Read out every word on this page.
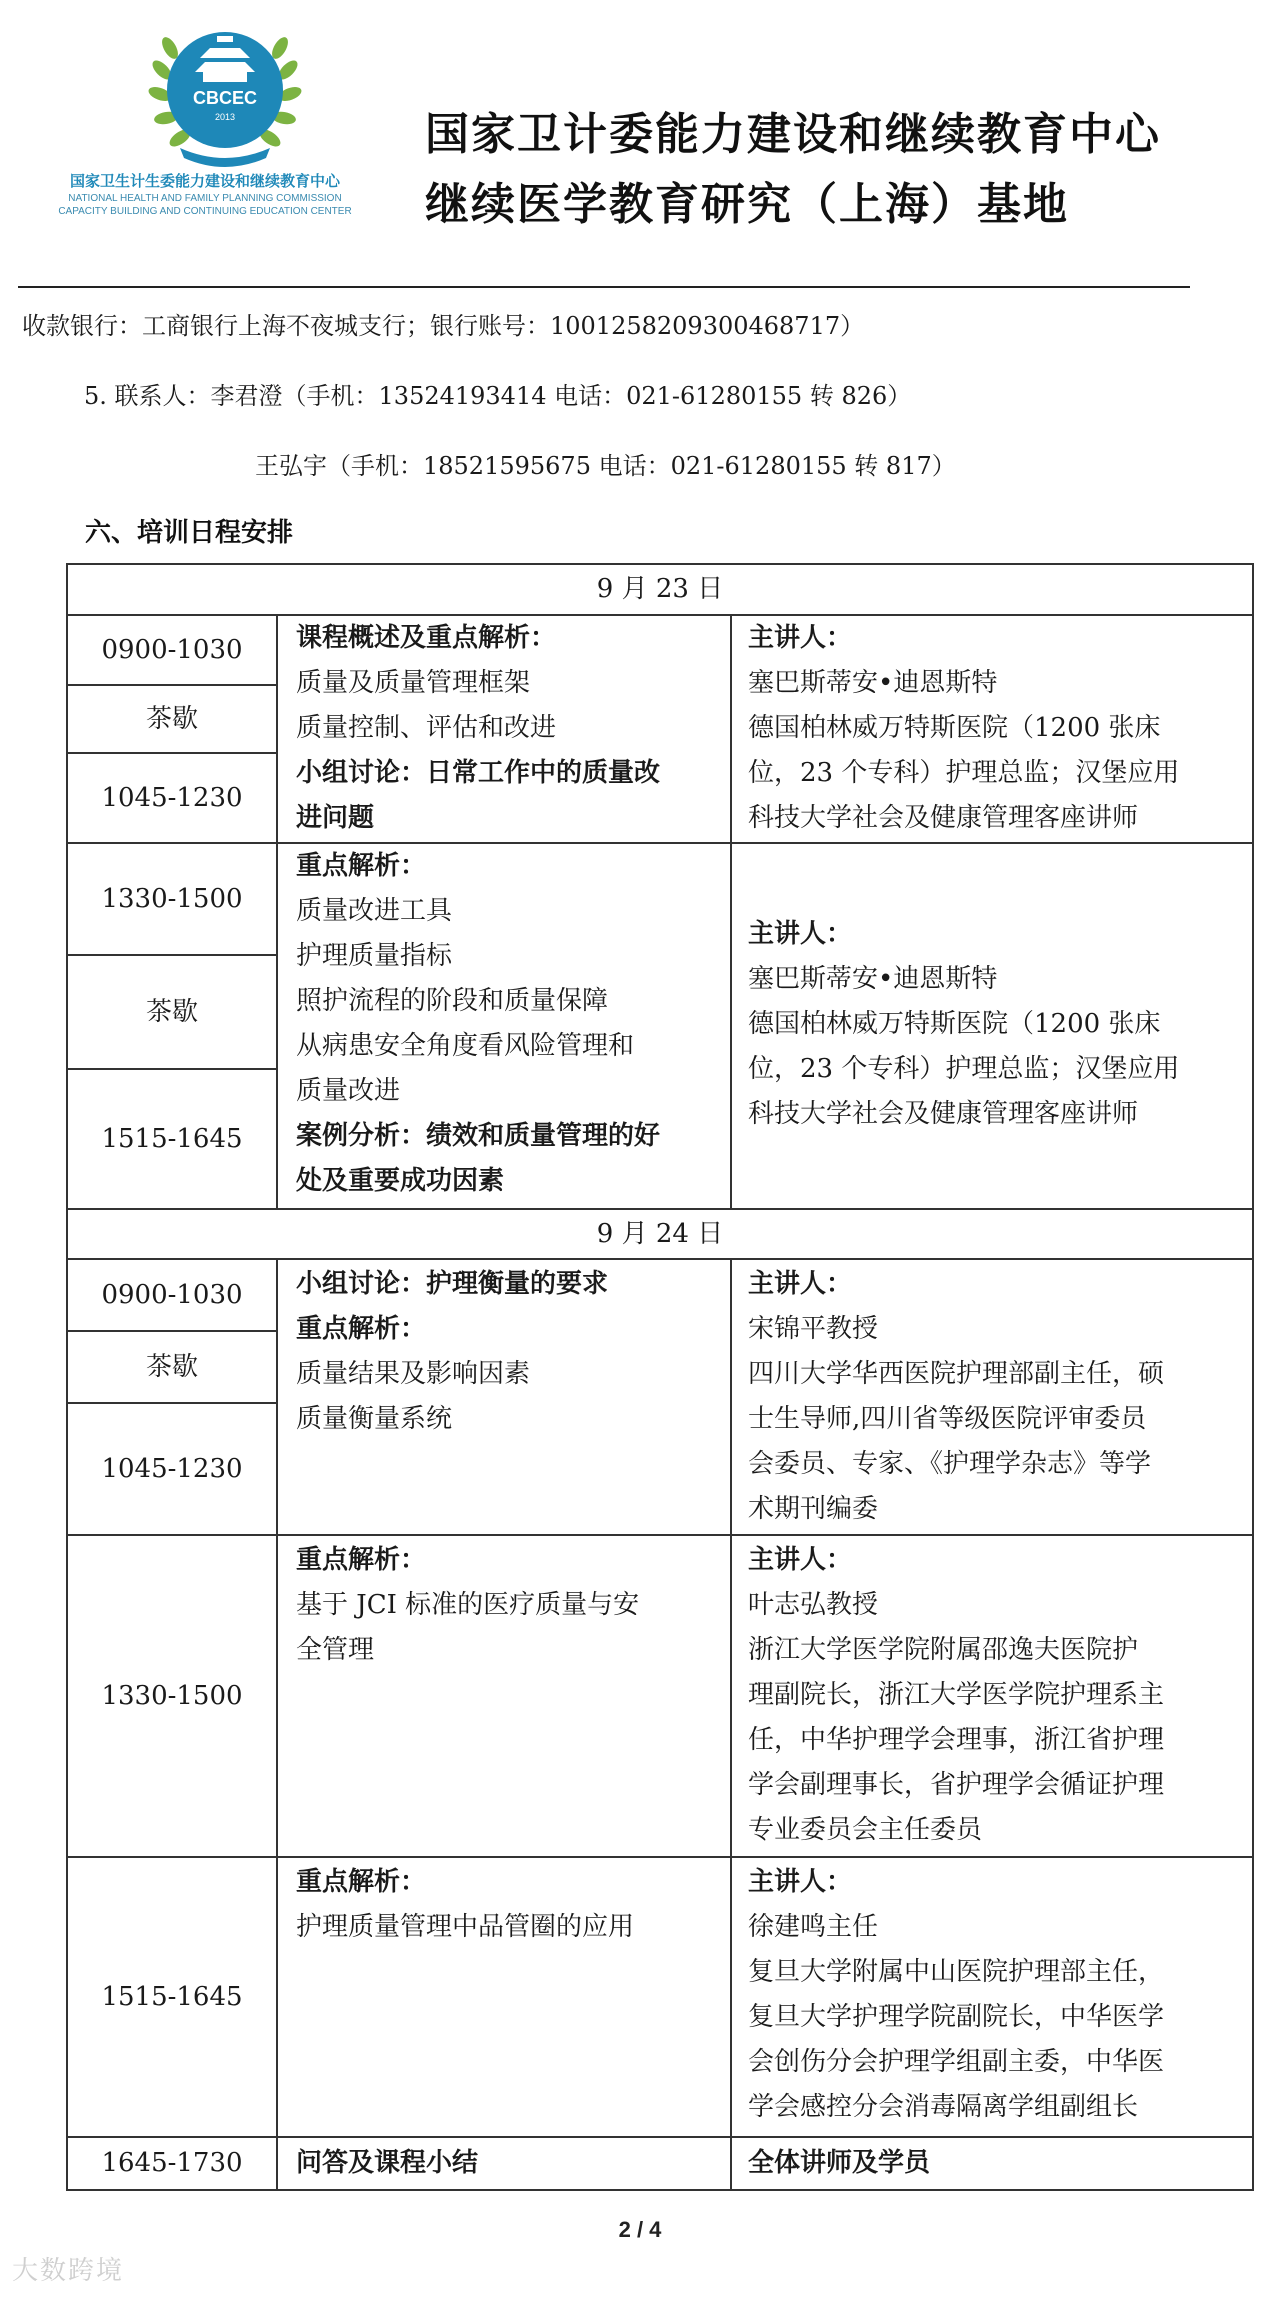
CBCEC
2013
国家卫生计生委能力建设和继续教育中心
NATIONAL HEALTH AND FAMILY PLANNING COMMISSION
CAPACITY BUILDING AND CONTINUING EDUCATION CENTER
国家卫计委能力建设和继续教育中心
继续医学教育研究（上海）基地
收款银行：工商银行上海不夜城支行；银行账号：1001258209300468717）
5. 联系人：李君澄（手机：13524193414 电话：021-61280155 转 826）
王弘宇（手机：18521595675 电话：021-61280155 转 817）
六、培训日程安排
9 月 23 日
0900-1030
茶歇
1045-1230
课程概述及重点解析：
质量及质量管理框架
质量控制、评估和改进
小组讨论：日常工作中的质量改
进问题
主讲人：
塞巴斯蒂安•迪恩斯特
德国柏林威万特斯医院（1200 张床
位，23 个专科）护理总监；汉堡应用
科技大学社会及健康管理客座讲师
1330-1500
茶歇
1515-1645
重点解析：
质量改进工具
护理质量指标
照护流程的阶段和质量保障
从病患安全角度看风险管理和
质量改进
案例分析：绩效和质量管理的好
处及重要成功因素
主讲人：
塞巴斯蒂安•迪恩斯特
德国柏林威万特斯医院（1200 张床
位，23 个专科）护理总监；汉堡应用
科技大学社会及健康管理客座讲师
9 月 24 日
0900-1030
茶歇
1045-1230
小组讨论：护理衡量的要求
重点解析：
质量结果及影响因素
质量衡量系统
主讲人：
宋锦平教授
四川大学华西医院护理部副主任，硕
士生导师,四川省等级医院评审委员
会委员、专家、《护理学杂志》等学
术期刊编委
1330-1500
重点解析：
基于 JCI 标准的医疗质量与安
全管理
主讲人：
叶志弘教授
浙江大学医学院附属邵逸夫医院护
理副院长，浙江大学医学院护理系主
任，中华护理学会理事，浙江省护理
学会副理事长，省护理学会循证护理
专业委员会主任委员
1515-1645
重点解析：
护理质量管理中品管圈的应用
主讲人：
徐建鸣主任
复旦大学附属中山医院护理部主任，
复旦大学护理学院副院长，中华医学
会创伤分会护理学组副主委，中华医
学会感控分会消毒隔离学组副组长
1645-1730	问答及课程小结	全体讲师及学员
2 / 4
大数跨境
